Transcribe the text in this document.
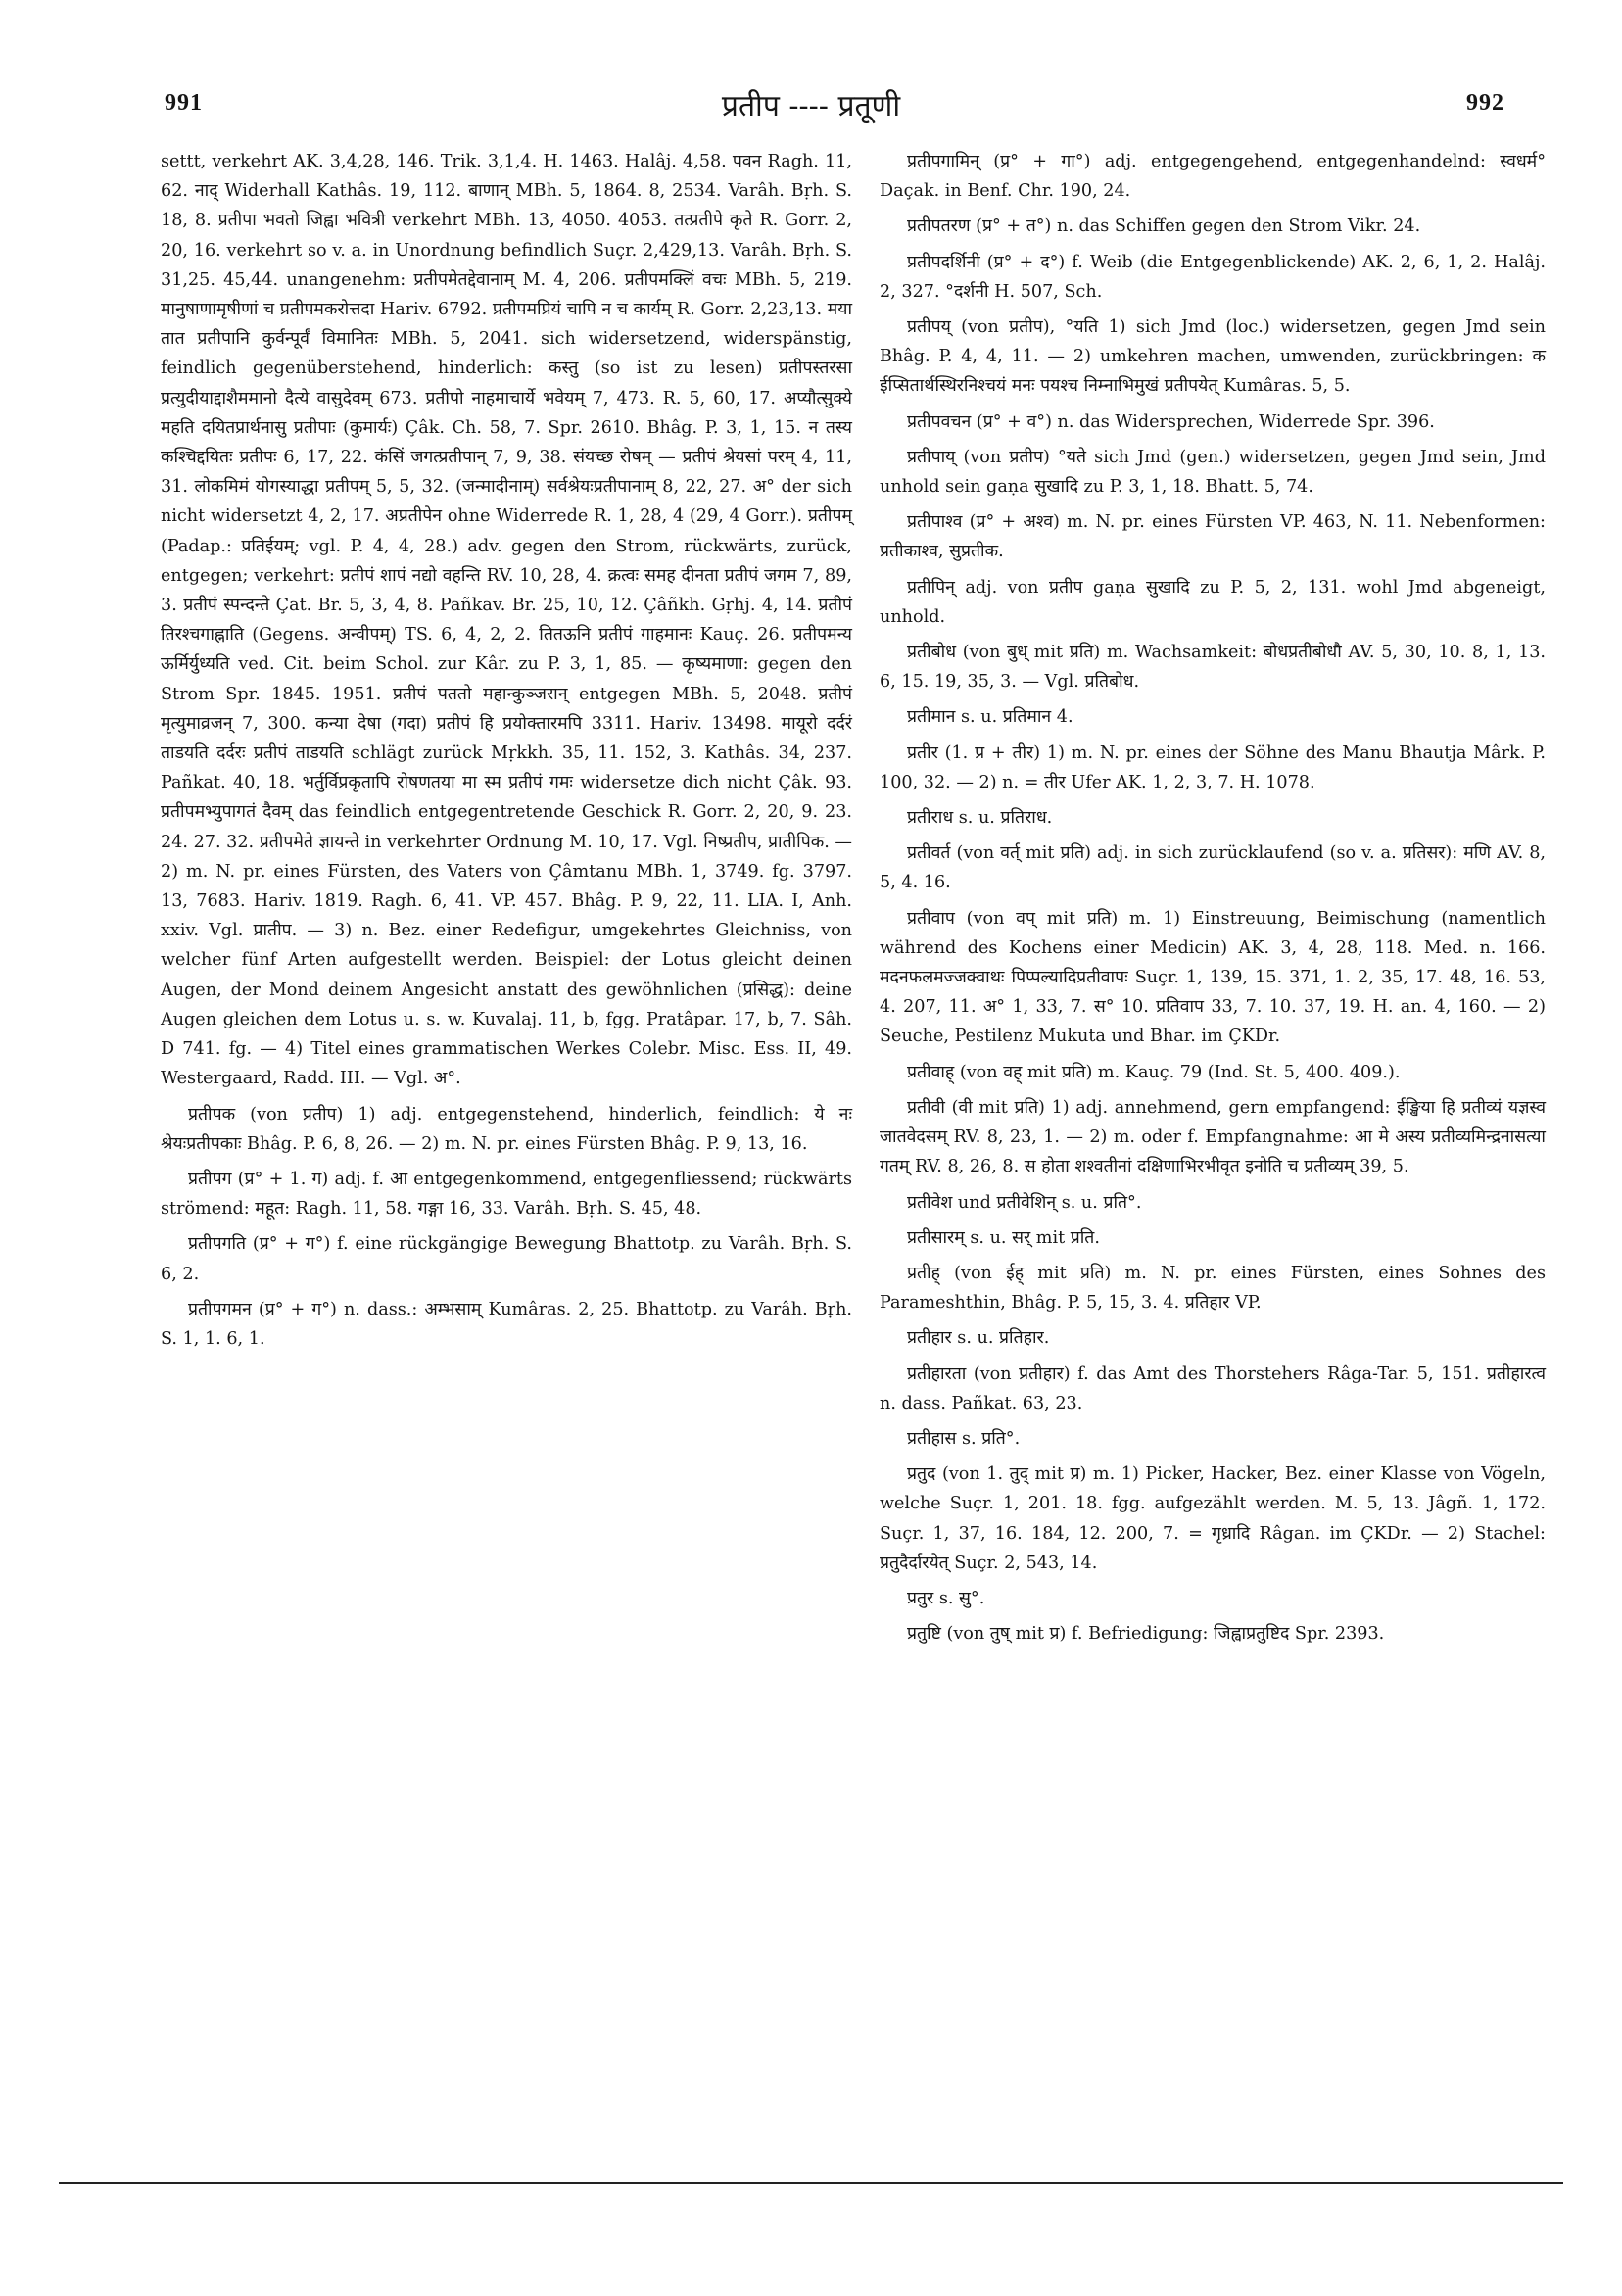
991	प्रतीप ---- प्रतूणी	992

settt, verkehrt AK. 3,4,28, 146. Trik. 3,1,4. H. 1463. Halâj. 4,58. पवन Ragh. 11, 62. नाद् Widerhall Kathâs. 19, 112. बाणान् MBh. 5, 1864. 8, 2534. Varâh. Bṛh. S. 18, 8. प्रतीपा भवतो जिह्वा भवित्री verkehrt MBh. 13, 4050. 4053. तत्प्रतीपे कृते R. Gorr. 2, 20, 16. verkehrt so v. a. in Unordnung befindlich Suçr. 2,429,13. Varâh. Bṛh. S. 31,25. 45,44. unangenehm: प्रतीपमेतद्देवानाम् M. 4, 206. प्रतीपमक्लिं वचः MBh. 5, 219. मानुषाणामृषीणां च प्रतीपमकरोत्तदा Hariv. 6792. प्रतीपमप्रियं चापि न च कार्यम् R. Gorr. 2,23,13. मया तात प्रतीपानि कुर्वन्पूर्वं विमानितः MBh. 5, 2041. sich widersetzend, widerspänstig, feindlich gegenüberstehend, hinderlich: कस्तु (so ist zu lesen) प्रतीपस्तरसा प्रत्युदीयाद्दाशैममानो दैत्ये वासुदेवम् 673. प्रतीपो नाहमाचार्ये भवेयम् 7, 473. R. 5, 60, 17. अप्यौत्सुक्ये महति दयितप्रार्थनासु प्रतीपाः (कुमार्यः) Çâk. Ch. 58, 7. Spr. 2610. Bhâg. P. 3, 1, 15. न तस्य कश्चिद्दयितः प्रतीपः 6, 17, 22. कंसिं जगत्प्रतीपान् 7, 9, 38. संयच्छ रोषम् — प्रतीपं श्रेयसां परम् 4, 11, 31. लोकमिमं योगस्याद्धा प्रतीपम् 5, 5, 32. (जन्मादीनाम्) सर्वश्रेयःप्रतीपानाम् 8, 22, 27. अ° der sich nicht widersetzt 4, 2, 17. अप्रतीपेन ohne Widerrede R. 1, 28, 4 (29, 4 Gorr.). प्रतीपम् (Padap.: प्रतिईयम्; vgl. P. 4, 4, 28.) adv. gegen den Strom, rückwärts, zurück, entgegen; verkehrt: प्रतीपं शापं नद्यो वहन्ति RV. 10, 28, 4. क्रत्वः समह दीनता प्रतीपं जगम 7, 89, 3. प्रतीपं स्पन्दन्ते Çat. Br. 5, 3, 4, 8. Pañkav. Br. 25, 10, 12. Çâñkh. Gṛhj. 4, 14. प्रतीपं तिरश्चगाह्नाति (Gegens. अन्वीपम्) TS. 6, 4, 2, 2. तितऊनि प्रतीपं गाहमानः Kauç. 26. प्रतीपमन्य ऊर्मिर्युध्यति ved. Cit. beim Schol. zur Kâr. zu P. 3, 1, 85. — कृष्यमाणा: gegen den Strom Spr. 1845. 1951. प्रतीपं पततो महान्कुञ्जरान् entgegen MBh. 5, 2048. प्रतीपं मृत्युमाव्रजन् 7, 300. कन्या देषा (गदा) प्रतीपं हि प्रयोक्तारमपि 3311. Hariv. 13498. मायूरो दर्दरं ताडयति दर्दरः प्रतीपं ताडयति schlägt zurück Mṛkkh. 35, 11. 152, 3. Kathâs. 34, 237. Pañkat. 40, 18. भर्तुर्विप्रकृतापि रोषणतया मा स्म प्रतीपं गमः widersetze dich nicht Çâk. 93. प्रतीपमभ्युपागतं दैवम् das feindlich entgegentretende Geschick R. Gorr. 2, 20, 9. 23. 24. 27. 32. प्रतीपमेते ज्ञायन्ते in verkehrter Ordnung M. 10, 17. Vgl. निष्प्रतीप, प्रातीपिक. — 2) m. N. pr. eines Fürsten, des Vaters von Çâmtanu MBh. 1, 3749. fg. 3797. 13, 7683. Hariv. 1819. Ragh. 6, 41. VP. 457. Bhâg. P. 9, 22, 11. LIA. I, Anh. xxiv. Vgl. प्रातीप. — 3) n. Bez. einer Redefigur, umgekehrtes Gleichniss, von welcher fünf Arten aufgestellt werden. Beispiel: der Lotus gleicht deinen Augen, der Mond deinem Angesicht anstatt des gewöhnlichen (प्रसिद्ध): deine Augen gleichen dem Lotus u. s. w. Kuvalaj. 11, b, fgg. Pratâpar. 17, b, 7. Sâh. D 741. fg. — 4) Titel eines grammatischen Werkes Colebr. Misc. Ess. II, 49. Westergaard, Radd. III. — Vgl. अ°.

प्रतीपक (von प्रतीप) 1) adj. entgegenstehend, hinderlich, feindlich: ये नः श्रेयःप्रतीपकाः Bhâg. P. 6, 8, 26. — 2) m. N. pr. eines Fürsten Bhâg. P. 9, 13, 16.

प्रतीपग (प्र° + 1. ग) adj. f. आ entgegenkommend, entgegenfliessend; rückwärts strömend: महूत: Ragh. 11, 58. गङ्गा 16, 33. Varâh. Bṛh. S. 45, 48.

प्रतीपगति (प्र° + ग°) f. eine rückgängige Bewegung Bhattotp. zu Varâh. Bṛh. S. 6, 2.

प्रतीपगमन (प्र° + ग°) n. dass.: अम्भसाम् Kumâras. 2, 25. Bhattotp. zu Varâh. Bṛh. S. 1, 1. 6, 1.

प्रतीपगामिन् (प्र° + गा°) adj. entgegengehend, entgegenhandelnd: स्वधर्म° Daçak. in Benf. Chr. 190, 24.

प्रतीपतरण (प्र° + त°) n. das Schiffen gegen den Strom Vikr. 24.

प्रतीपदर्शिनी (प्र° + द°) f. Weib (die Entgegenblickende) AK. 2, 6, 1, 2. Halâj. 2, 327. °दर्शनी H. 507, Sch.

प्रतीपय् (von प्रतीप), °यति 1) sich Jmd (loc.) widersetzen, gegen Jmd sein Bhâg. P. 4, 4, 11. — 2) umkehren machen, umwenden, zurückbringen: क ईप्सितार्थस्थिरनिश्चयं मनः पयश्च निम्नाभिमुखं प्रतीपयेत् Kumâras. 5, 5.

प्रतीपवचन (प्र° + व°) n. das Widersprechen, Widerrede Spr. 396.

प्रतीपाय् (von प्रतीप) °यते sich Jmd (gen.) widersetzen, gegen Jmd sein, Jmd unhold sein gaṇa सुखादि zu P. 3, 1, 18. Bhatt. 5, 74.

प्रतीपाश्व (प्र° + अश्व) m. N. pr. eines Fürsten VP. 463, N. 11. Nebenformen: प्रतीकाश्व, सुप्रतीक.

प्रतीपिन् adj. von प्रतीप gaṇa सुखादि zu P. 5, 2, 131. wohl Jmd abgeneigt, unhold.

प्रतीबोध (von बुध् mit प्रति) m. Wachsamkeit: बोधप्रतीबोधौ AV. 5, 30, 10. 8, 1, 13. 6, 15. 19, 35, 3. — Vgl. प्रतिबोध.

प्रतीमान s. u. प्रतिमान 4.

प्रतीर (1. प्र + तीर) 1) m. N. pr. eines der Söhne des Manu Bhautja Mârk. P. 100, 32. — 2) n. = तीर Ufer AK. 1, 2, 3, 7. H. 1078.

प्रतीराध s. u. प्रतिराध.

प्रतीवर्त (von वर्त् mit प्रति) adj. in sich zurücklaufend (so v. a. प्रतिसर): मणि AV. 8, 5, 4. 16.

प्रतीवाप (von वप् mit प्रति) m. 1) Einstreuung, Beimischung (namentlich während des Kochens einer Medicin) AK. 3, 4, 28, 118. Med. n. 166. मदनफलमज्जक्वाथः पिप्पल्यादिप्रतीवापः Suçr. 1, 139, 15. 371, 1. 2, 35, 17. 48, 16. 53, 4. 207, 11. अ° 1, 33, 7. स° 10. प्रतिवाप 33, 7. 10. 37, 19. H. an. 4, 160. — 2) Seuche, Pestilenz Mukuta und Bhar. im ÇKDr.

प्रतीवाह् (von वह् mit प्रति) m. Kauç. 79 (Ind. St. 5, 400. 409.).

प्रतीवी (वी mit प्रति) 1) adj. annehmend, gern empfangend: ईङ्खिया हि प्रतीव्यं यज्ञस्व जातवेदसम् RV. 8, 23, 1. — 2) m. oder f. Empfangnahme: आ मे अस्य प्रतीव्यमिन्द्रनासत्या गतम् RV. 8, 26, 8. स होता शश्वतीनां दक्षिणाभिरभीवृत इनोति च प्रतीव्यम् 39, 5.

प्रतीवेश und प्रतीवेशिन् s. u. प्रति°.

प्रतीसारम् s. u. सर् mit प्रति.

प्रतीह् (von ईह् mit प्रति) m. N. pr. eines Fürsten, eines Sohnes des Parameshthin, Bhâg. P. 5, 15, 3. 4. प्रतिहार VP.

प्रतीहार s. u. प्रतिहार.

प्रतीहारता (von प्रतीहार) f. das Amt des Thorstehers Râga-Tar. 5, 151. प्रतीहारत्व n. dass. Pañkat. 63, 23.

प्रतीहास s. प्रति°.

प्रतुद (von 1. तुद् mit प्र) m. 1) Picker, Hacker, Bez. einer Klasse von Vögeln, welche Suçr. 1, 201. 18. fgg. aufgezählt werden. M. 5, 13. Jâgñ. 1, 172. Suçr. 1, 37, 16. 184, 12. 200, 7. = गृध्रादि Râgan. im ÇKDr. — 2) Stachel: प्रतुदैर्दारयेत् Suçr. 2, 543, 14.

प्रतुर s. सु°.

प्रतुष्टि (von तुष् mit प्र) f. Befriedigung: जिह्वाप्रतुष्टिद Spr. 2393.
